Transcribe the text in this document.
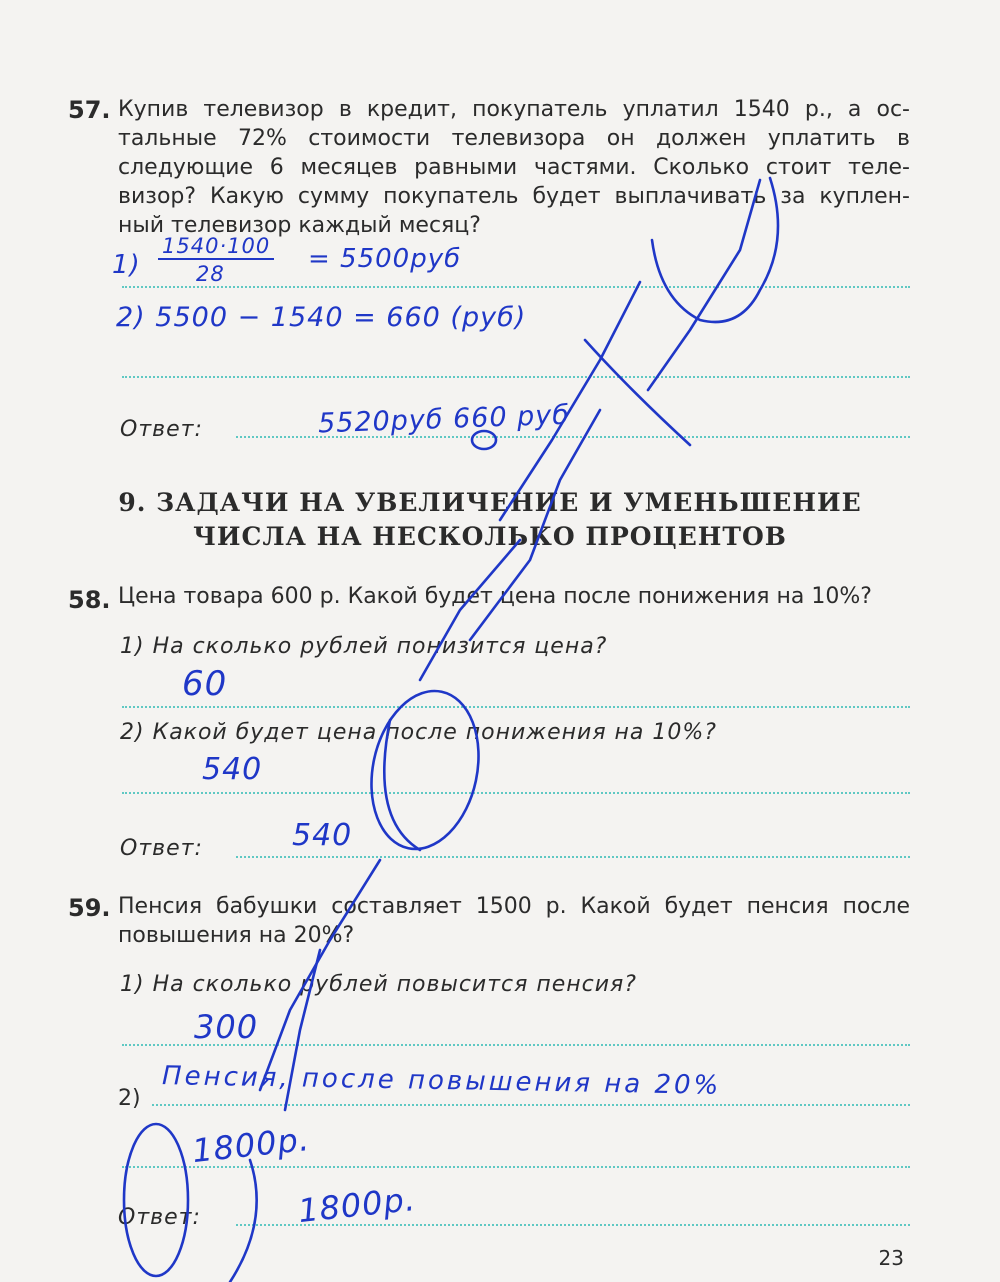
57. Купив телевизор в кредит, покупатель уплатил 1540 р., а ос-
тальные 72% стоимости телевизора он должен уплатить в
следующие 6 месяцев равными частями. Сколько стоит теле-
визор? Какую сумму покупатель будет выплачивать за куплен-
ный телевизор каждый месяц?
Ответ:
1)
1540·100
28	= 5500руб
2) 5500 − 1540 = 660 (руб)
5520руб 660 руб
9. ЗАДАЧИ НА УВЕЛИЧЕНИЕ И УМЕНЬШЕНИЕ
ЧИСЛА НА НЕСКОЛЬКО ПРОЦЕНТОВ
58. Цена товара 600 р. Какой будет цена после понижения на 10%?
1) На сколько рублей понизится цена?
2) Какой будет цена после понижения на 10%?
Ответ:
60
540
540
59. Пенсия бабушки составляет 1500 р. Какой будет пенсия после
повышения на 20%?
1) На сколько рублей повысится пенсия?
2)
Ответ:
300
Пенсия, после повышения на 20%
1800р.
1800р.
23
